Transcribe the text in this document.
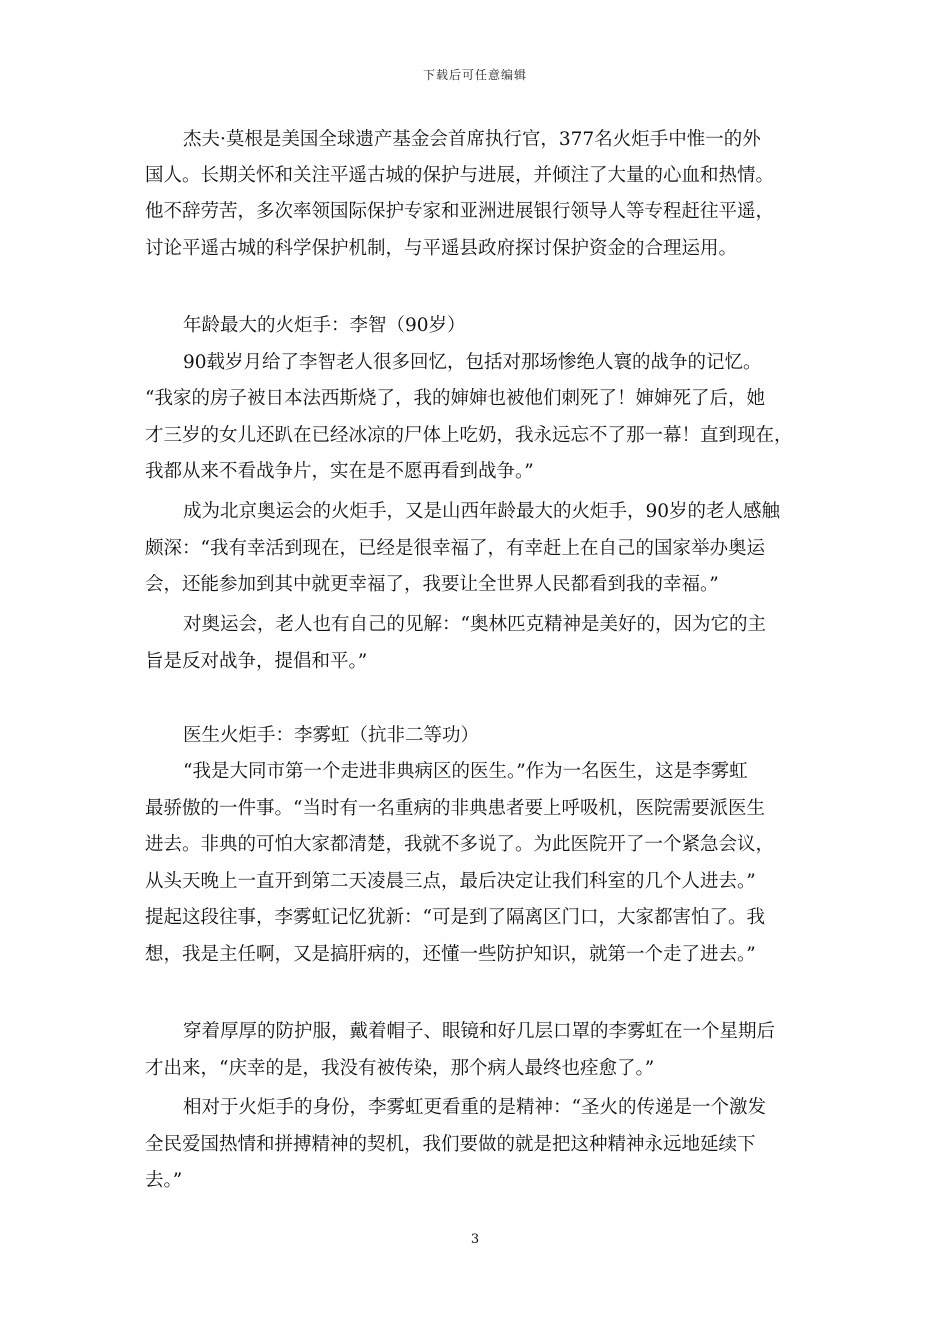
下载后可任意编辑
杰夫·莫根是美国全球遗产基金会首席执行官，377名火炬手中惟一的外
国人。长期关怀和关注平遥古城的保护与进展，并倾注了大量的心血和热情。
他不辞劳苦，多次率领国际保护专家和亚洲进展银行领导人等专程赶往平遥，
讨论平遥古城的科学保护机制，与平遥县政府探讨保护资金的合理运用。
年龄最大的火炬手：李智（90岁）
90载岁月给了李智老人很多回忆，包括对那场惨绝人寰的战争的记忆。
“我家的房子被日本法西斯烧了，我的婶婶也被他们刺死了！婶婶死了后，她
才三岁的女儿还趴在已经冰凉的尸体上吃奶，我永远忘不了那一幕！直到现在，
我都从来不看战争片，实在是不愿再看到战争。”
成为北京奥运会的火炬手，又是山西年龄最大的火炬手，90岁的老人感触
颇深：“我有幸活到现在，已经是很幸福了，有幸赶上在自己的国家举办奥运
会，还能参加到其中就更幸福了，我要让全世界人民都看到我的幸福。”
对奥运会，老人也有自己的见解：“奥林匹克精神是美好的，因为它的主
旨是反对战争，提倡和平。”
医生火炬手：李雾虹（抗非二等功）
“我是大同市第一个走进非典病区的医生。”作为一名医生，这是李雾虹
最骄傲的一件事。“当时有一名重病的非典患者要上呼吸机，医院需要派医生
进去。非典的可怕大家都清楚，我就不多说了。为此医院开了一个紧急会议，
从头天晚上一直开到第二天凌晨三点，最后决定让我们科室的几个人进去。”
提起这段往事，李雾虹记忆犹新：“可是到了隔离区门口，大家都害怕了。我
想，我是主任啊，又是搞肝病的，还懂一些防护知识，就第一个走了进去。”
穿着厚厚的防护服，戴着帽子、眼镜和好几层口罩的李雾虹在一个星期后
才出来，“庆幸的是，我没有被传染，那个病人最终也痊愈了。”
相对于火炬手的身份，李雾虹更看重的是精神：“圣火的传递是一个激发
全民爱国热情和拼搏精神的契机，我们要做的就是把这种精神永远地延续下
去。”
3
